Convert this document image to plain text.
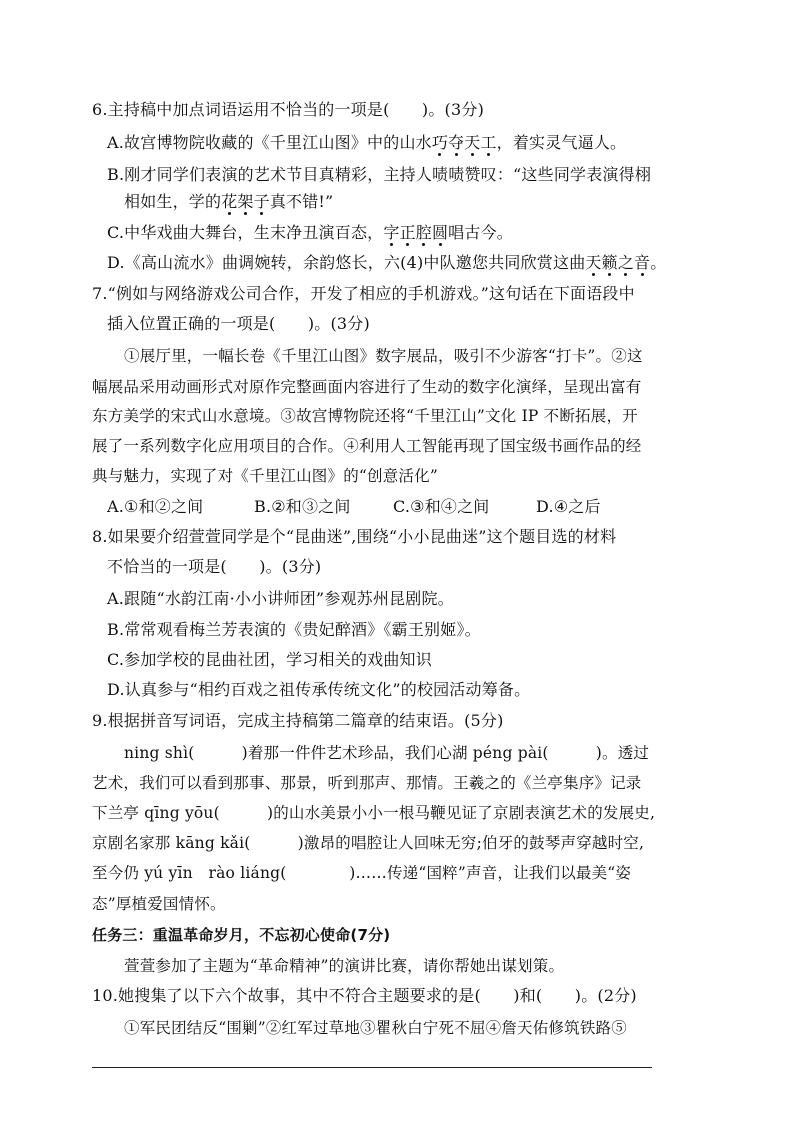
6.主持稿中加点词语运用不恰当的一项是(　　)。(3分)
A.故宫博物院收藏的《千里江山图》中的山水巧夺天工，着实灵气逼人。
B.刚才同学们表演的艺术节目真精彩，主持人啧啧赞叹：“这些同学表演得栩
相如生，学的花架子真不错!”
C.中华戏曲大舞台，生末净丑演百态，字正腔圆唱古今。
D.《高山流水》曲调婉转，余韵悠长，六(4)中队邀您共同欣赏这曲天籁之音。
7.“例如与网络游戏公司合作，开发了相应的手机游戏。”这句话在下面语段中
插入位置正确的一项是(　　)。(3分)
①展厅里，一幅长卷《千里江山图》数字展品，吸引不少游客“打卡”。②这
幅展品采用动画形式对原作完整画面内容进行了生动的数字化演绎，呈现出富有
东方美学的宋式山水意境。③故宫博物院还将“千里江山”文化 IP 不断拓展，开
展了一系列数字化应用项目的合作。④利用人工智能再现了国宝级书画作品的经
典与魅力，实现了对《千里江山图》的“创意活化”
A.①和②之间	B.②和③之间	C.③和④之间	D.④之后
8.如果要介绍萱萱同学是个“昆曲迷”,围绕“小小昆曲迷”这个题目选的材料
不恰当的一项是(　　)。(3分)
A.跟随“水韵江南·小小讲师团”参观苏州昆剧院。
B.常常观看梅兰芳表演的《贵妃醉酒》《霸王别姬》。
C.参加学校的昆曲社团，学习相关的戏曲知识
D.认真参与“相约百戏之祖传承传统文化”的校园活动筹备。
9.根据拼音写词语，完成主持稿第二篇章的结束语。(5分)
ning shì(　　　)着那一件件艺术珍品，我们心湖 péng pài(　　　)。透过
艺术，我们可以看到那事、那景，听到那声、那情。王羲之的《兰亭集序》记录
下兰亭 qīng yōu(　　　)的山水美景小小一根马鞭见证了京剧表演艺术的发展史,
京剧名家那 kāng kǎi(　　　)激昂的唱腔让人回味无穷;伯牙的鼓琴声穿越时空,
至今仍 yú yīn　rào liáng(　　　　)……传递“国粹”声音，让我们以最美“姿
态”厚植爱国情怀。
任务三：重温革命岁月，不忘初心使命(7分)
萱萱参加了主题为“革命精神”的演讲比赛，请你帮她出谋划策。
10.她搜集了以下六个故事，其中不符合主题要求的是(　　)和(　　)。(2分)
①军民团结反“围剿”②红军过草地③瞿秋白宁死不屈④詹天佑修筑铁路⑤
